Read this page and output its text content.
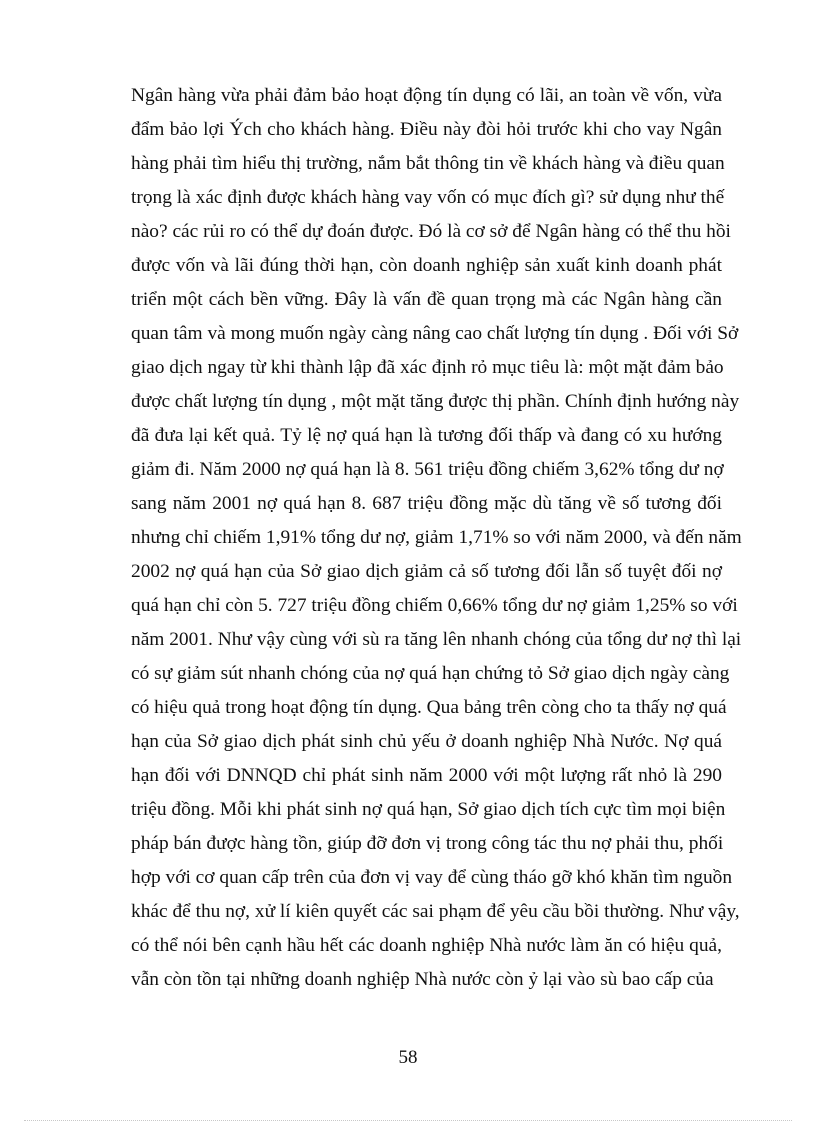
Ngân hàng vừa phải đảm bảo hoạt động tín dụng có lãi, an toàn về vốn, vừa
đẩm bảo lợi Ých cho khách hàng. Điều này đòi hỏi trước khi cho vay Ngân
hàng phải tìm hiểu thị trường, nắm bắt thông tin về khách hàng và điều quan
trọng là xác định được khách hàng vay vốn có mục đích gì? sử dụng như thế
nào? các rủi ro có thể dự đoán được. Đó là cơ sở để Ngân hàng có thể thu hồi
được vốn và lãi đúng thời hạn, còn doanh nghiệp sản xuất kinh doanh phát
triển một cách bền vững. Đây là vấn đề quan trọng mà các Ngân hàng cần
quan tâm và mong muốn ngày càng nâng cao chất lượng tín dụng . Đối với Sở
giao dịch ngay từ khi thành lập đã xác định rỏ mục tiêu là: một mặt đảm bảo
được chất lượng tín dụng , một mặt tăng được thị phần. Chính định hướng này
đã đưa lại kết quả. Tỷ lệ nợ quá hạn là tương đối thấp và đang có xu hướng
giảm đi. Năm 2000 nợ quá hạn là 8. 561 triệu đồng chiếm 3,62% tổng dư nợ
sang năm 2001 nợ quá hạn 8. 687 triệu đồng mặc dù tăng về số tương đối
nhưng chỉ chiếm 1,91% tổng dư nợ, giảm 1,71% so với năm 2000, và đến năm
2002 nợ quá hạn của Sở giao dịch giảm cả số tương đối lẫn số tuyệt đối nợ
quá hạn chỉ còn 5. 727 triệu đồng chiếm 0,66% tổng dư nợ giảm 1,25% so với
năm 2001. Như vậy cùng với sù ra tăng lên nhanh chóng của tổng dư nợ thì lại
có sự giảm sút nhanh chóng của nợ quá hạn chứng tỏ Sở giao dịch ngày càng
có hiệu quả trong hoạt động tín dụng. Qua bảng trên còng cho ta thấy nợ quá
hạn của Sở giao dịch phát sinh chủ yếu ở doanh nghiệp Nhà Nước. Nợ quá
hạn đối với DNNQD chỉ phát sinh năm 2000 với một lượng rất nhỏ là 290
triệu đồng. Mỗi khi phát sinh nợ quá hạn, Sở giao dịch tích cực tìm mọi biện
pháp bán được hàng tồn, giúp đỡ đơn vị trong công tác thu nợ phải thu, phối
hợp với cơ quan cấp trên của đơn vị vay để cùng tháo gỡ khó khăn tìm nguồn
khác để thu nợ, xử lí kiên quyết các sai phạm để yêu cầu bồi thường. Như vậy,
có thể nói bên cạnh hầu hết các doanh nghiệp Nhà nước làm ăn có hiệu quả,
vẫn còn tồn tại những doanh nghiệp Nhà nước còn ỷ lại vào sù bao cấp của
58
